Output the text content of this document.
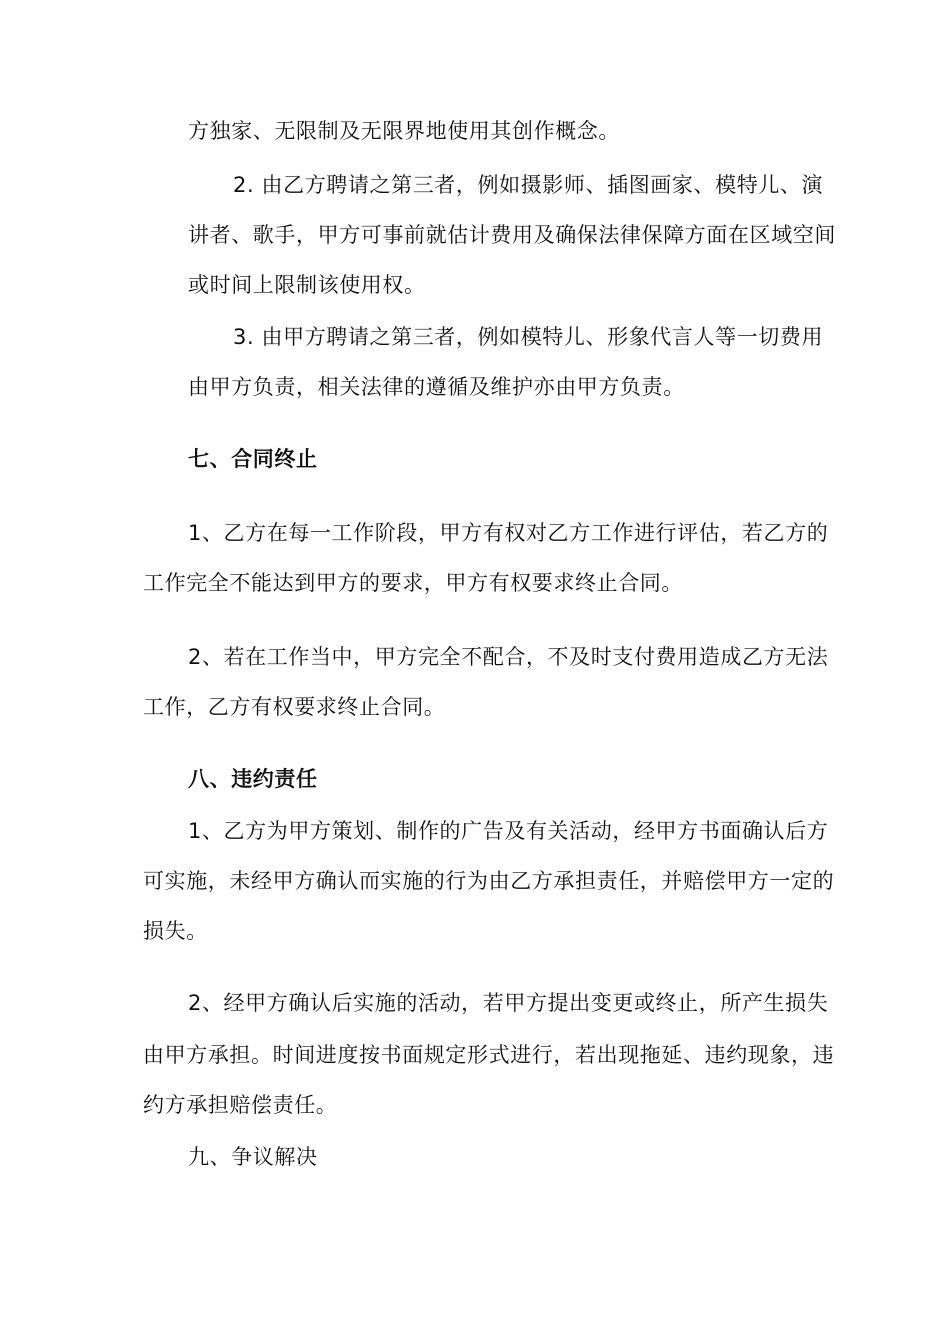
方独家、无限制及无限界地使用其创作概念。
2. 由乙方聘请之第三者，例如摄影师、插图画家、模特儿、演
讲者、歌手，甲方可事前就估计费用及确保法律保障方面在区域空间
或时间上限制该使用权。
3. 由甲方聘请之第三者，例如模特儿、形象代言人等一切费用
由甲方负责，相关法律的遵循及维护亦由甲方负责。
七、合同终止
1、乙方在每一工作阶段，甲方有权对乙方工作进行评估，若乙方的
工作完全不能达到甲方的要求，甲方有权要求终止合同。
2、若在工作当中，甲方完全不配合，不及时支付费用造成乙方无法
工作，乙方有权要求终止合同。
八、违约责任
1、乙方为甲方策划、制作的广告及有关活动，经甲方书面确认后方
可实施，未经甲方确认而实施的行为由乙方承担责任，并赔偿甲方一定的
损失。
2、经甲方确认后实施的活动，若甲方提出变更或终止，所产生损失
由甲方承担。时间进度按书面规定形式进行，若出现拖延、违约现象，违
约方承担赔偿责任。
九、争议解决
